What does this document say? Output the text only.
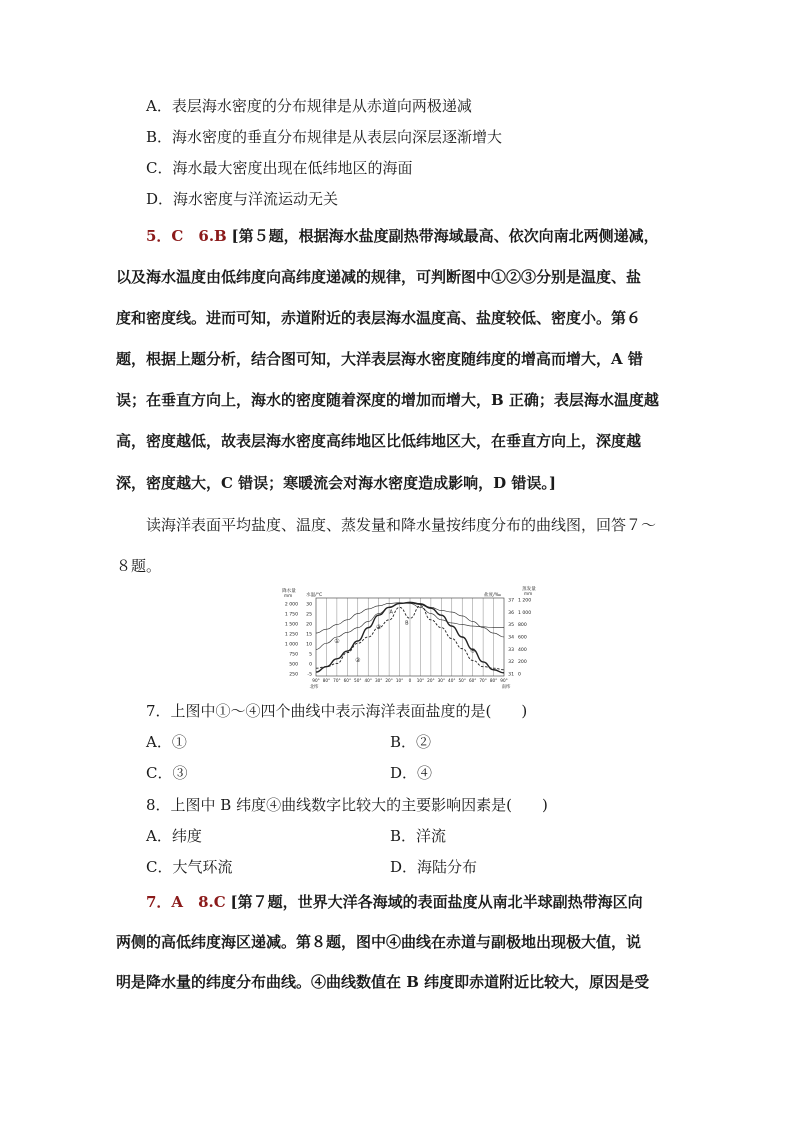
A．表层海水密度的分布规律是从赤道向两极递减
B．海水密度的垂直分布规律是从表层向深层逐渐增大
C．海水最大密度出现在低纬地区的海面
D．海水密度与洋流运动无关
5．C　6.B [第５题，根据海水盐度副热带海域最高、依次向南北两侧递减，
以及海水温度由低纬度向高纬度递减的规律，可判断图中①②③分别是温度、盐
度和密度线。进而可知，赤道附近的表层海水温度高、盐度较低、密度小。第６
题，根据上题分析，结合图可知，大洋表层海水密度随纬度的增高而增大，A 错
误；在垂直方向上，海水的密度随着深度的增加而增大，B 正确；表层海水温度越
高，密度越低，故表层海水密度高纬地区比低纬地区大，在垂直方向上，深度越
深，密度越大，C 错误；寒暖流会对海水密度造成影响，D 错误。]
读海洋表面平均盐度、温度、蒸发量和降水量按纬度分布的曲线图，回答７～
８题。
2 000 30
1 750 25
1 500 20
1 250 15
1 000 10
750 5
500 0
250 -5
降水量
mm	水温/°C
37
36
35
34
33
32
31
1 200
1 000
800
600
400
200
0
盐度/‰
蒸发量
mm
90° 80° 70° 60° 50° 40° 30° 20° 10° 0 10° 20° 30° 40° 50° 60° 70° 80° 90°
北纬	南纬
①
②
③
④
A
B
7．上图中①～④四个曲线中表示海洋表面盐度的是(　　)
A．①	B．②
C．③	D．④
8．上图中 B 纬度④曲线数字比较大的主要影响因素是(　　)
A．纬度	B．洋流
C．大气环流	D．海陆分布
7．A　8.C [第７题，世界大洋各海域的表面盐度从南北半球副热带海区向
两侧的高低纬度海区递减。第８题，图中④曲线在赤道与副极地出现极大值，说
明是降水量的纬度分布曲线。④曲线数值在 B 纬度即赤道附近比较大，原因是受
